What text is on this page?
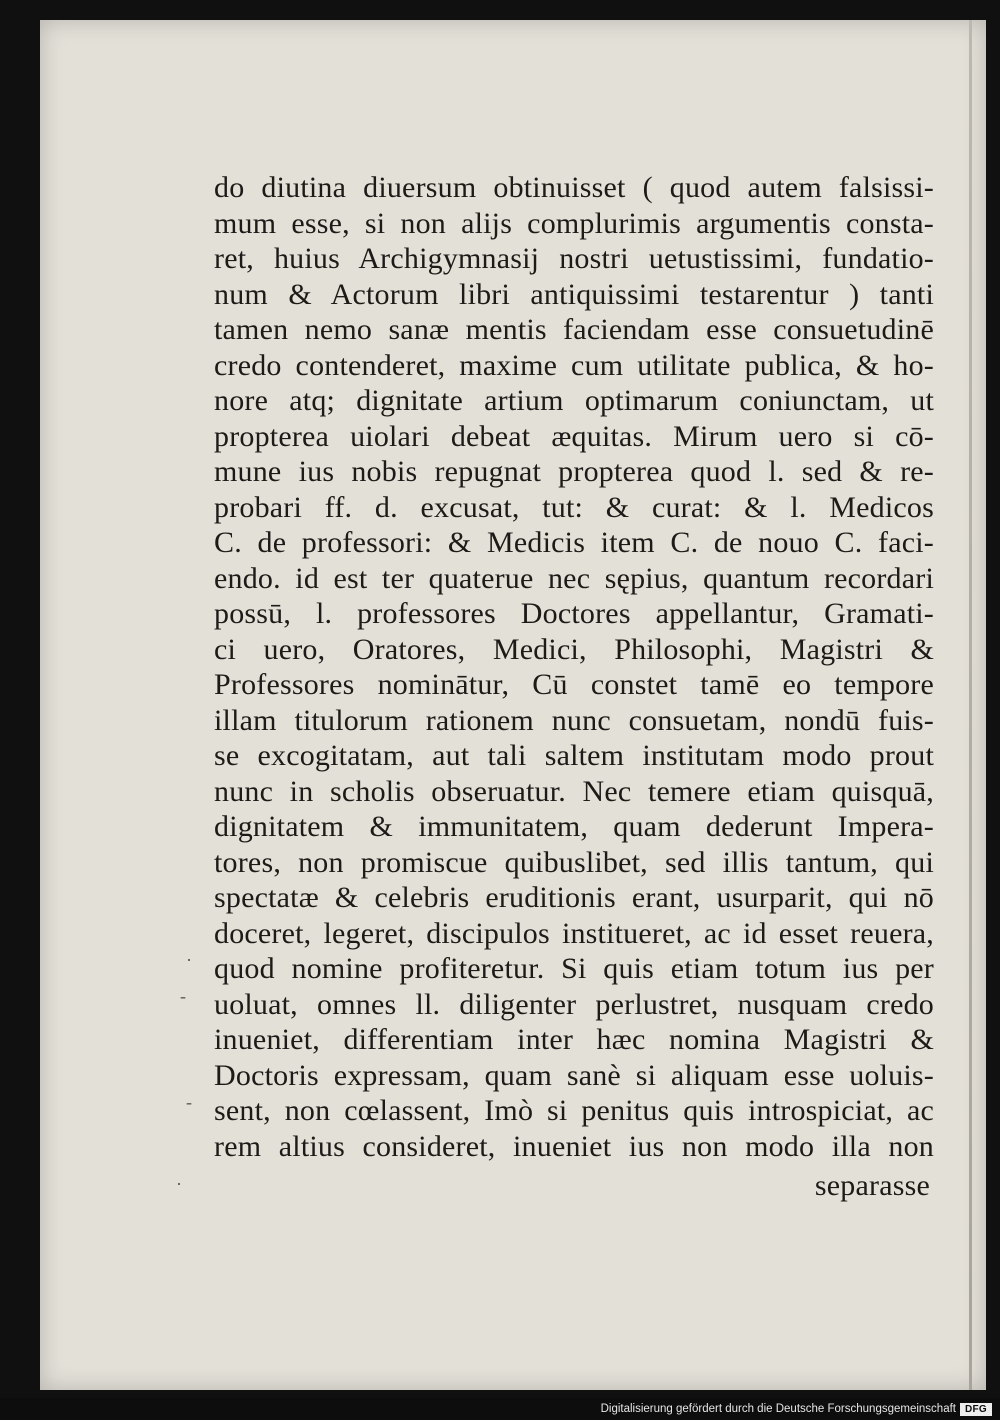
do diutina diuersum obtinuisset ( quod autem falsissi-
mum esse, si non alijs complurimis argumentis consta-
ret, huius Archigymnasij nostri uetustissimi, fundatio-
num & Actorum libri antiquissimi testarentur ) tanti
tamen nemo sanæ mentis faciendam esse consuetudinē
credo contenderet, maxime cum utilitate publica, & ho-
nore atq; dignitate artium optimarum coniunctam, ut
propterea uiolari debeat æquitas. Mirum uero si cō-
mune ius nobis repugnat propterea quod l. sed & re-
probari ff. d. excusat, tut: & curat: & l. Medicos
C. de professori: & Medicis item C. de nouo C. faci-
endo. id est ter quaterue nec sępius, quantum recordari
possū, l. professores Doctores appellantur, Gramati-
ci uero, Oratores, Medici, Philosophi, Magistri &
Professores nominātur, Cū constet tamē eo tempore
illam titulorum rationem nunc consuetam, nondū fuis-
se excogitatam, aut tali saltem institutam modo prout
nunc in scholis obseruatur. Nec temere etiam quisquā,
dignitatem & immunitatem, quam dederunt Impera-
tores, non promiscue quibuslibet, sed illis tantum, qui
spectatæ & celebris eruditionis erant, usurparit, qui nō
doceret, legeret, discipulos institueret, ac id esset reuera,
quod nomine profiteretur. Si quis etiam totum ius per
uoluat, omnes ll. diligenter perlustret, nusquam credo
inueniet, differentiam inter hæc nomina Magistri &
Doctoris expressam, quam sanè si aliquam esse uoluis-
sent, non cœlassent, Imò si penitus quis introspiciat, ac
rem altius consideret, inueniet ius non modo illa non
separasse
·
-
-
·
Digitalisierung gefördert durch die Deutsche Forschungsgemeinschaft DFG
